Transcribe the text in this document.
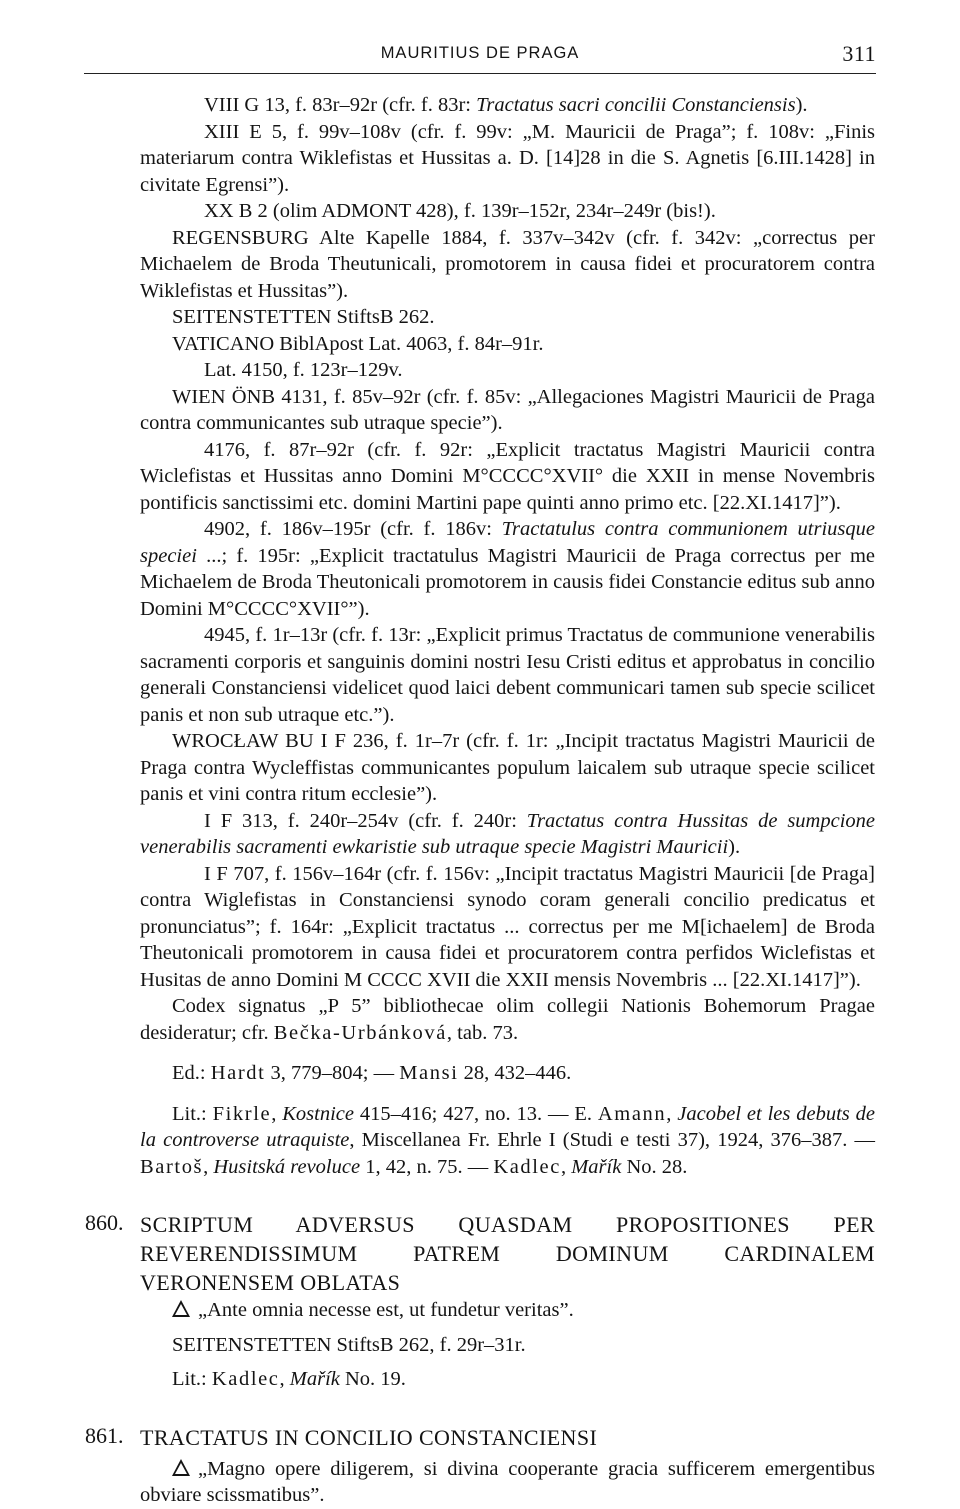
MAURITIUS DE PRAGA	311

VIII G 13, f. 83r–92r (cfr. f. 83r: Tractatus sacri concilii Constanciensis).

XIII E 5, f. 99v–108v (cfr. f. 99v: „M. Mauricii de Praga”; f. 108v: „Finis materiarum contra Wiklefistas et Hussitas a. D. [14]28 in die S. Agnetis [6.III.1428] in civitate Egrensi”).

XX B 2 (olim ADMONT 428), f. 139r–152r, 234r–249r (bis!).

REGENSBURG Alte Kapelle 1884, f. 337v–342v (cfr. f. 342v: „correctus per Michaelem de Broda Theutunicali, promotorem in causa fidei et procuratorem contra Wiklefistas et Hussitas”).

SEITENSTETTEN StiftsB 262.

VATICANO BiblApost Lat. 4063, f. 84r–91r.

Lat. 4150, f. 123r–129v.

WIEN ÖNB 4131, f. 85v–92r (cfr. f. 85v: „Allegaciones Magistri Mauricii de Praga contra communicantes sub utraque specie”).

4176, f. 87r–92r (cfr. f. 92r: „Explicit tractatus Magistri Mauricii contra Wiclefistas et Hussitas anno Domini M°CCCC°XVII° die XXII in mense Novembris pontificis sanctissimi etc. domini Martini pape quinti anno primo etc. [22.XI.1417]”).

4902, f. 186v–195r (cfr. f. 186v: Tractatulus contra communionem utriusque speciei ...; f. 195r: „Explicit tractatulus Magistri Mauricii de Praga correctus per me Michaelem de Broda Theutonicali promotorem in causis fidei Constancie editus sub anno Domini M°CCCC°XVII°”).

4945, f. 1r–13r (cfr. f. 13r: „Explicit primus Tractatus de communione venerabilis sacramenti corporis et sanguinis domini nostri Iesu Cristi editus et approbatus in concilio generali Constanciensi videlicet quod laici debent communicari tamen sub specie scilicet panis et non sub utraque etc.”).

WROCŁAW BU I F 236, f. 1r–7r (cfr. f. 1r: „Incipit tractatus Magistri Mauricii de Praga contra Wycleffistas communicantes populum laicalem sub utraque specie scilicet panis et vini contra ritum ecclesie”).

I F 313, f. 240r–254v (cfr. f. 240r: Tractatus contra Hussitas de sumpcione venerabilis sacramenti ewkaristie sub utraque specie Magistri Mauricii).

I F 707, f. 156v–164r (cfr. f. 156v: „Incipit tractatus Magistri Mauricii [de Praga] contra Wiglefistas in Constanciensi synodo coram generali concilio predicatus et pronunciatus”; f. 164r: „Explicit tractatus ... correctus per me M[ichaelem] de Broda Theutonicali promotorem in causa fidei et procuratorem contra perfidos Wiclefistas et Husitas de anno Domini M CCCC XVII die XXII mensis Novembris ... [22.XI.1417]”).

Codex signatus „P 5” bibliothecae olim collegii Nationis Bohemorum Pragae desideratur; cfr. Bečka-Urbánková, tab. 73.

Ed.: Hardt 3, 779–804; — Mansi 28, 432–446.

Lit.: Fikrle, Kostnice 415–416; 427, no. 13. — E. Amann, Jacobel et les debuts de la controverse utraquiste, Miscellanea Fr. Ehrle I (Studi e testi 37), 1924, 376–387. — Bartoš, Husitská revoluce 1, 42, n. 75. — Kadlec, Mařík No. 28.

860. SCRIPTUM ADVERSUS QUASDAM PROPOSITIONES PER REVERENDISSIMUM PATREM DOMINUM CARDINALEM VERONENSEM OBLATAS

„Ante omnia necesse est, ut fundetur veritas”.

SEITENSTETTEN StiftsB 262, f. 29r–31r.

Lit.: Kadlec, Mařík No. 19.

861. TRACTATUS IN CONCILIO CONSTANCIENSI

„Magno opere diligerem, si divina cooperante gracia sufficerem emergentibus obviare scissmatibus”.
